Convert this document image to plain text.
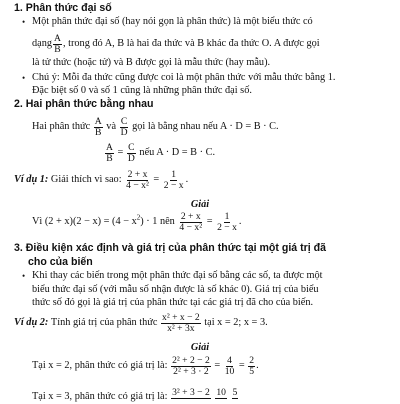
1. Phân thức đại số
• Một phân thức đại số (hay nói gọn là phân thức) là một biểu thức có
dạng $\frac{A}{B}$ , trong đó A, B là hai đa thức và B khác đa thức O. A được gọi
là tử thức (hoặc tử) và B được gọi là mẫu thức (hay mẫu).
• Chú ý: Mỗi đa thức cũng được coi là một phân thức với mẫu thức bằng 1.
Đặc biệt số 0 và số 1 cũng là những phân thức đại số.
2. Hai phân thức bằng nhau
Hai phân thức
$\frac{A}{B}$
và
$\frac{C}{D}$
gọi là bằng nhau nếu A · D = B · C.
$\frac{A}{B}$
=
$\frac{C}{D}$
nếu A · D = B · C.
Ví dụ 1:
Giải thích vì sao:
$\frac{2 + x}{\text{4 − x²}}$
=
$\frac{1}{2 - x}$ .
Giải
Vì $(2 + x)(2 - x) = (4 - x^2) \cdot 1$ nên
$\frac{2 + x}{\text{4 − x²}}$
=
$\frac{1}{2 - x}$ .
3. Điều kiện xác định và giá trị của phân thức tại một giá trị đã
cho của biến
• Khi thay các biến trong một phân thức đại số bằng các số, ta được một
biểu thức đại số (với mẫu số nhận được là số khác 0). Giá trị của biểu
thức số đó gọi là giá trị của phân thức tại các giá trị đã cho của biến.
Ví dụ 2:
Tính giá trị của phân thức
$\frac{\text{x² + x − 2}}{\text{x² + 3x}}$
tại x = 2; x = 3.
Giải
Tại x = 2, phân thức có giá trị là:
$\frac{\text{2² + 2 − 2}}{\text{2² + 3 · 2}}$
=
$\frac{4}{10}$
=
$\frac{2}{5}$ .
Tại x = 3, phân thức có giá trị là:
3² + 3 − 2
10
5
